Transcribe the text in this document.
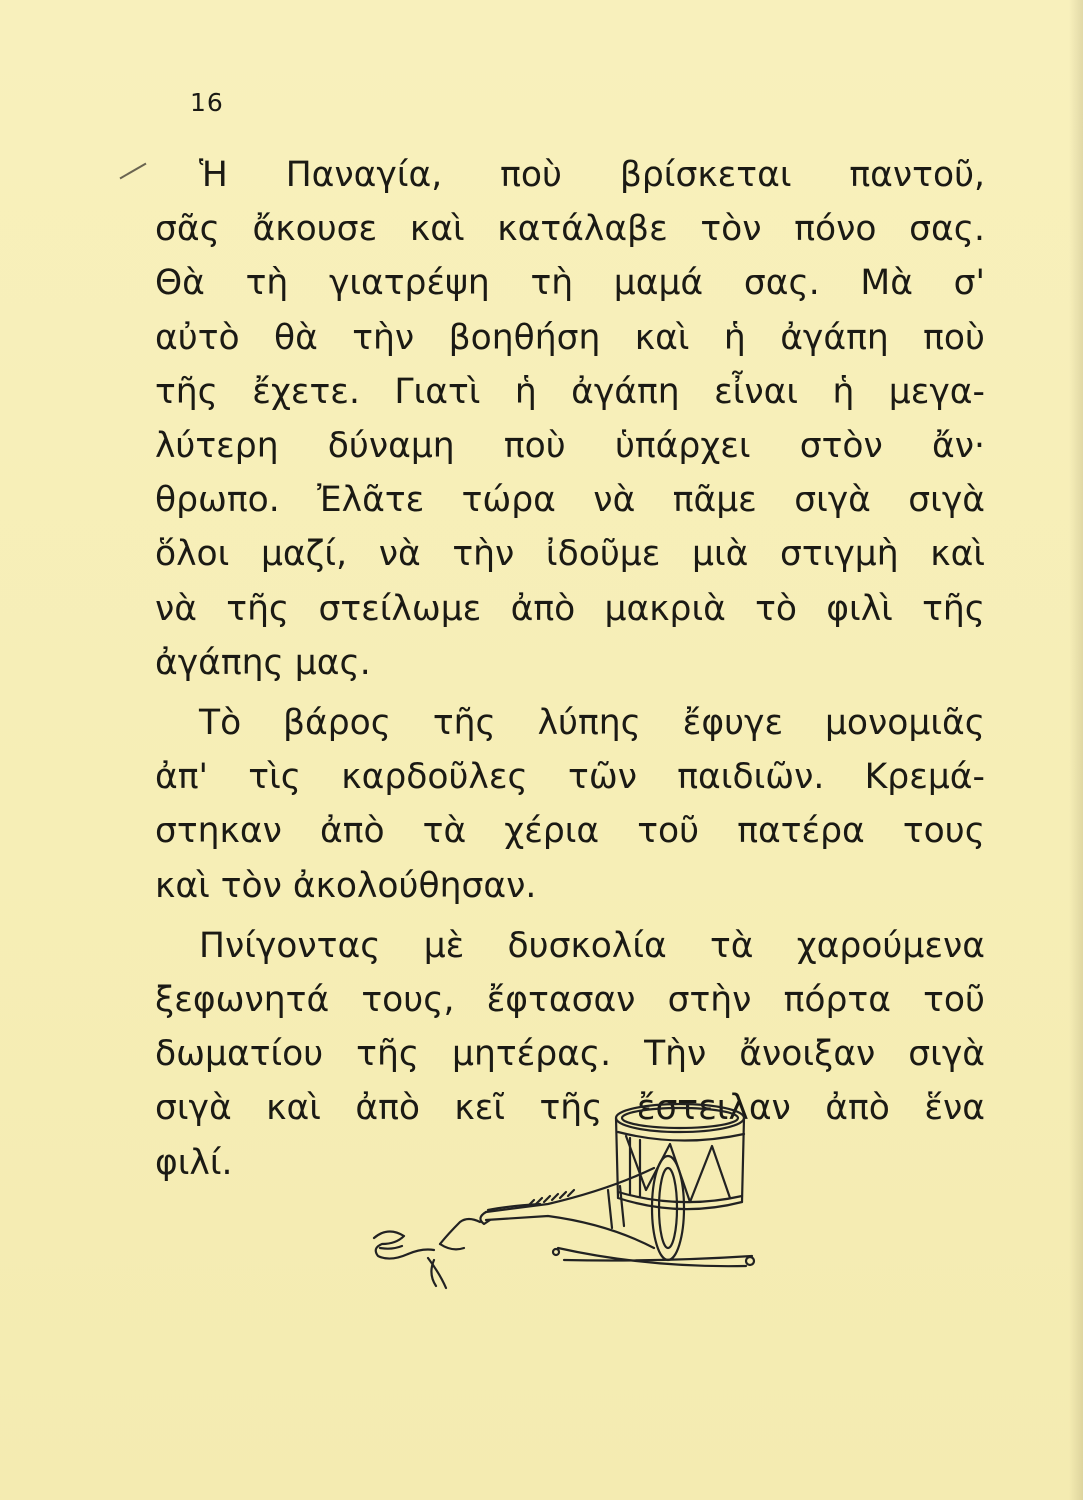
16

Ἡ Παναγία, ποὺ βρίσκεται παντοῦ,
σᾶς ἄκουσε καὶ κατάλαβε τὸν πόνο σας.
Θὰ τὴ γιατρέψη τὴ μαμά σας. Μὰ σ'
αὐτὸ θὰ τὴν βοηθήση καὶ ἡ ἀγάπη ποὺ
τῆς ἔχετε. Γιατὶ ἡ ἀγάπη εἶναι ἡ μεγα-
λύτερη δύναμη ποὺ ὑπάρχει στὸν ἄν·
θρωπο. Ἐλᾶτε τώρα νὰ πᾶμε σιγὰ σιγὰ
ὅλοι μαζί, νὰ τὴν ἰδοῦμε μιὰ στιγμὴ καὶ
νὰ τῆς στείλωμε ἀπὸ μακριὰ τὸ φιλὶ τῆς
ἀγάπης μας.

Τὸ βάρος τῆς λύπης ἔφυγε μονομιᾶς
ἀπ' τὶς καρδοῦλες τῶν παιδιῶν. Κρεμά-
στηκαν ἀπὸ τὰ χέρια τοῦ πατέρα τους
καὶ τὸν ἀκολούθησαν.

Πνίγοντας μὲ δυσκολία τὰ χαρούμενα
ξεφωνητά τους, ἔφτασαν στὴν πόρτα τοῦ
δωματίου τῆς μητέρας. Τὴν ἄνοιξαν σιγὰ
σιγὰ καὶ ἀπὸ κεῖ τῆς ἔστειλαν ἀπὸ ἕνα
φιλί.
